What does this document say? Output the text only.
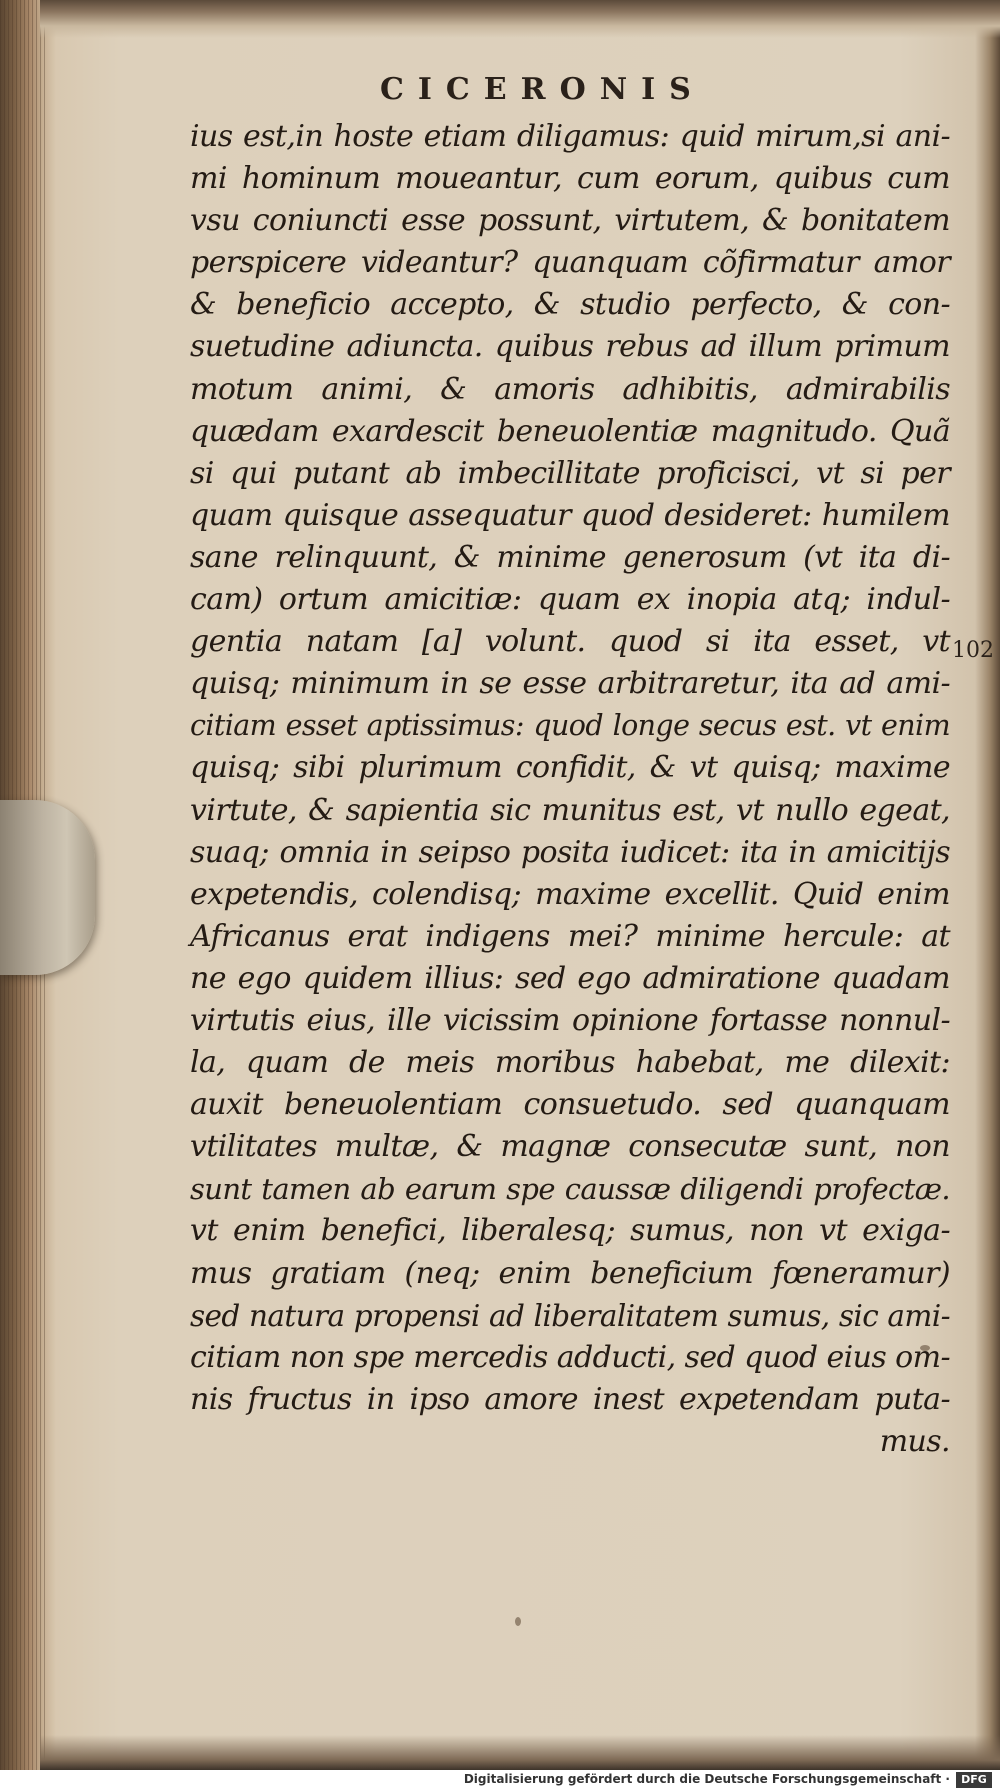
CICERONIS
ius est,in hoste etiam diligamus: quid mirum,si ani-
mi hominum moueantur, cum eorum, quibus cum
vsu coniuncti esse possunt, virtutem, & bonitatem
perspicere videantur? quanquam cõfirmatur amor
& beneficio accepto, & studio perfecto, & con-
suetudine adiuncta. quibus rebus ad illum primum
motum animi, & amoris adhibitis, admirabilis
quædam exardescit beneuolentiæ magnitudo. Quã
si qui putant ab imbecillitate proficisci, vt si per
quam quisque assequatur quod desideret: humilem
sane relinquunt, & minime generosum (vt ita di-
cam) ortum amicitiæ: quam ex inopia atq; indul-
gentia natam [a] volunt. quod si ita esset, vt
quisq; minimum in se esse arbitraretur, ita ad ami-
citiam esset aptissimus: quod longe secus est. vt enim
quisq; sibi plurimum confidit, & vt quisq; maxime
virtute, & sapientia sic munitus est, vt nullo egeat,
suaq; omnia in seipso posita iudicet: ita in amicitijs
expetendis, colendisq; maxime excellit. Quid enim
Africanus erat indigens mei? minime hercule: at
ne ego quidem illius: sed ego admiratione quadam
virtutis eius, ille vicissim opinione fortasse nonnul-
la, quam de meis moribus habebat, me dilexit:
auxit beneuolentiam consuetudo. sed quanquam
vtilitates multæ, & magnæ consecutæ sunt, non
sunt tamen ab earum spe caussæ diligendi profectæ.
vt enim benefici, liberalesq; sumus, non vt exiga-
mus gratiam (neq; enim beneficium fœneramur)
sed natura propensi ad liberalitatem sumus, sic ami-
citiam non spe mercedis adducti, sed quod eius om-
nis fructus in ipso amore inest expetendam puta-
mus.

102

Digitalisierung gefördert durch die Deutsche Forschungsgemeinschaft ·	DFG
